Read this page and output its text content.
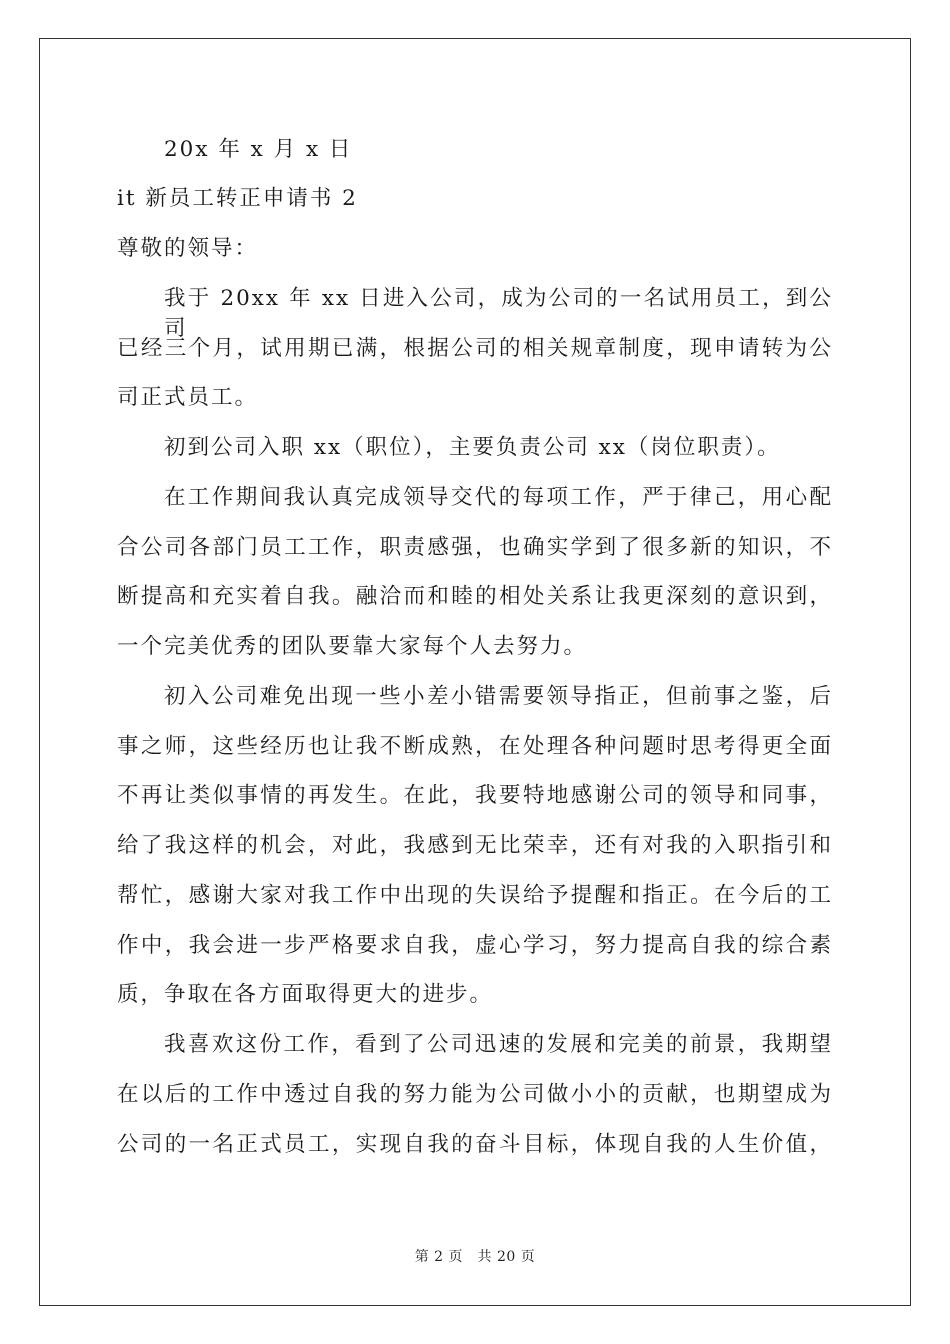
20x 年 x 月 x 日
it 新员工转正申请书 2
尊敬的领导：
我于 20xx 年 xx 日进入公司，成为公司的一名试用员工，到公司
已经三个月，试用期已满，根据公司的相关规章制度，现申请转为公
司正式员工。
初到公司入职 xx（职位），主要负责公司 xx（岗位职责）。
在工作期间我认真完成领导交代的每项工作，严于律己，用心配
合公司各部门员工工作，职责感强，也确实学到了很多新的知识，不
断提高和充实着自我。融洽而和睦的相处关系让我更深刻的意识到，
一个完美优秀的团队要靠大家每个人去努力。
初入公司难免出现一些小差小错需要领导指正，但前事之鉴，后
事之师，这些经历也让我不断成熟，在处理各种问题时思考得更全面
不再让类似事情的再发生。在此，我要特地感谢公司的领导和同事，
给了我这样的机会，对此，我感到无比荣幸，还有对我的入职指引和
帮忙，感谢大家对我工作中出现的失误给予提醒和指正。在今后的工
作中，我会进一步严格要求自我，虚心学习，努力提高自我的综合素
质，争取在各方面取得更大的进步。
我喜欢这份工作，看到了公司迅速的发展和完美的前景，我期望
在以后的工作中透过自我的努力能为公司做小小的贡献，也期望成为
公司的一名正式员工，实现自我的奋斗目标，体现自我的人生价值，
第 2 页　共 20 页
